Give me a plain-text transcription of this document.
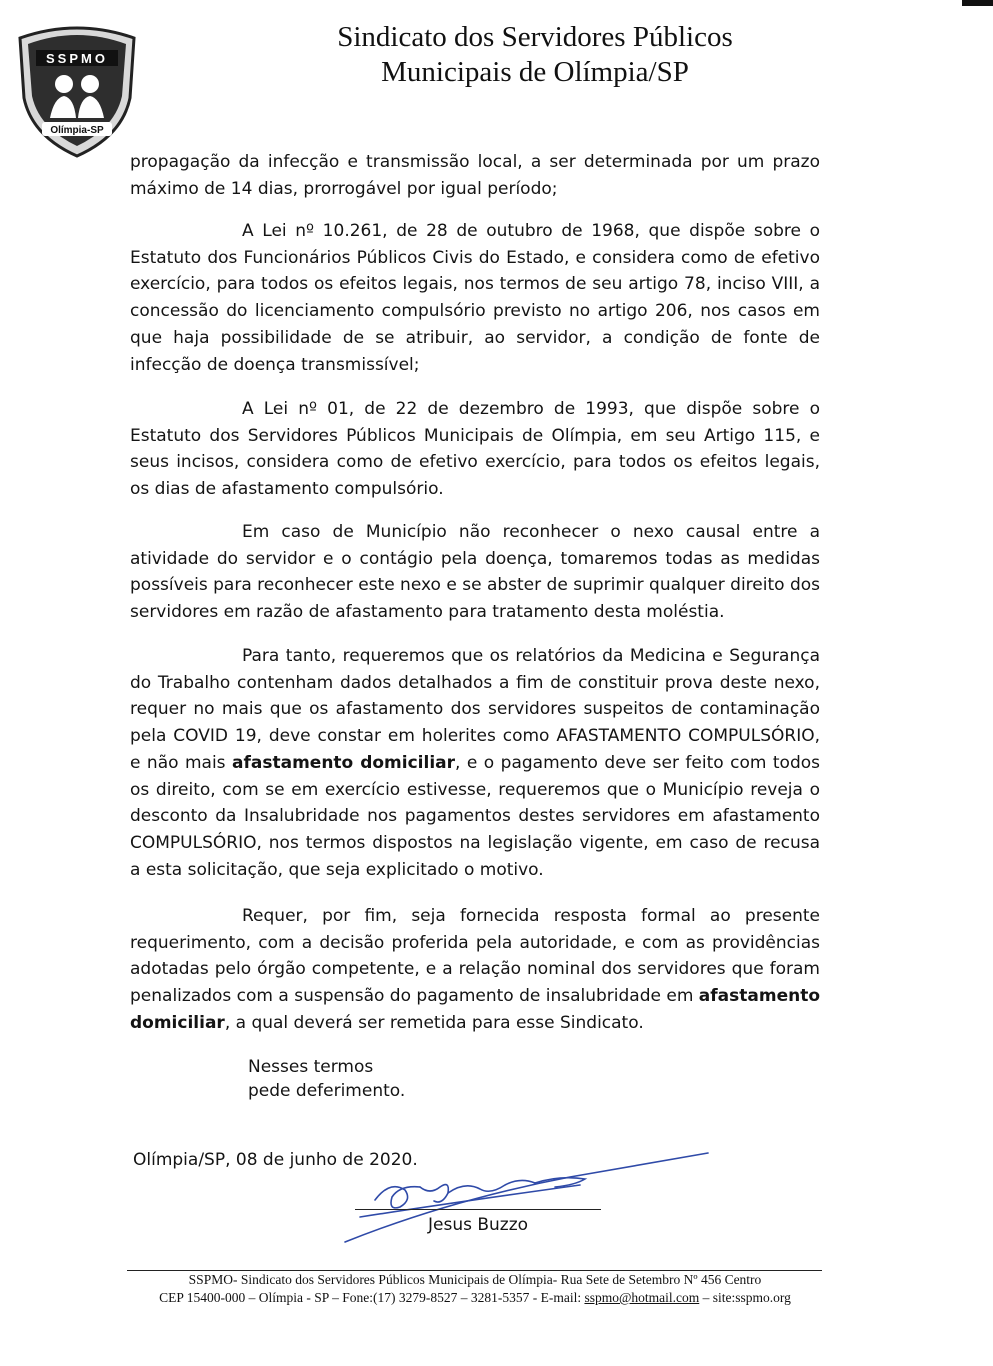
SSPMO
Olímpia-SP
Sindicato dos Servidores Públicos
Municipais de Olímpia/SP

propagação da infecção e transmissão local, a ser determinada por um prazo máximo de 14 dias, prorrogável por igual período;

A Lei nº 10.261, de 28 de outubro de 1968, que dispõe sobre o Estatuto dos Funcionários Públicos Civis do Estado, e considera como de efetivo exercício, para todos os efeitos legais, nos termos de seu artigo 78, inciso VIII, a concessão do licenciamento compulsório previsto no artigo 206, nos casos em que haja possibilidade de se atribuir, ao servidor, a condição de fonte de infecção de doença transmissível;

A Lei nº 01, de 22 de dezembro de 1993, que dispõe sobre o Estatuto dos Servidores Públicos Municipais de Olímpia, em seu Artigo 115, e seus incisos, considera como de efetivo exercício, para todos os efeitos legais, os dias de afastamento compulsório.

Em caso de Município não reconhecer o nexo causal entre a atividade do servidor e o contágio pela doença, tomaremos todas as medidas possíveis para reconhecer este nexo e se abster de suprimir qualquer direito dos servidores em razão de afastamento para tratamento desta moléstia.

Para tanto, requeremos que os relatórios da Medicina e Segurança do Trabalho contenham dados detalhados a fim de constituir prova deste nexo, requer no mais que os afastamento dos servidores suspeitos de contaminação pela COVID 19, deve constar em holerites como AFASTAMENTO COMPULSÓRIO, e não mais afastamento domiciliar, e o pagamento deve ser feito com todos os direito, com se em exercício estivesse, requeremos que o Município reveja o desconto da Insalubridade nos pagamentos destes servidores em afastamento COMPULSÓRIO, nos termos dispostos na legislação vigente, em caso de recusa a esta solicitação, que seja explicitado o motivo.

Requer, por fim, seja fornecida resposta formal ao presente requerimento, com a decisão proferida pela autoridade, e com as providências adotadas pelo órgão competente, e a relação nominal dos servidores que foram penalizados com a suspensão do pagamento de insalubridade em afastamento domiciliar, a qual deverá ser remetida para esse Sindicato.

Nesses termos
pede deferimento.
Olímpia/SP, 08 de junho de 2020.
Jesus Buzzo
SSPMO- Sindicato dos Servidores Públicos Municipais de Olímpia- Rua Sete de Setembro Nº 456 Centro
CEP 15400-000 – Olímpia - SP – Fone:(17) 3279-8527 – 3281-5357 - E-mail: sspmo@hotmail.com – site:sspmo.org
